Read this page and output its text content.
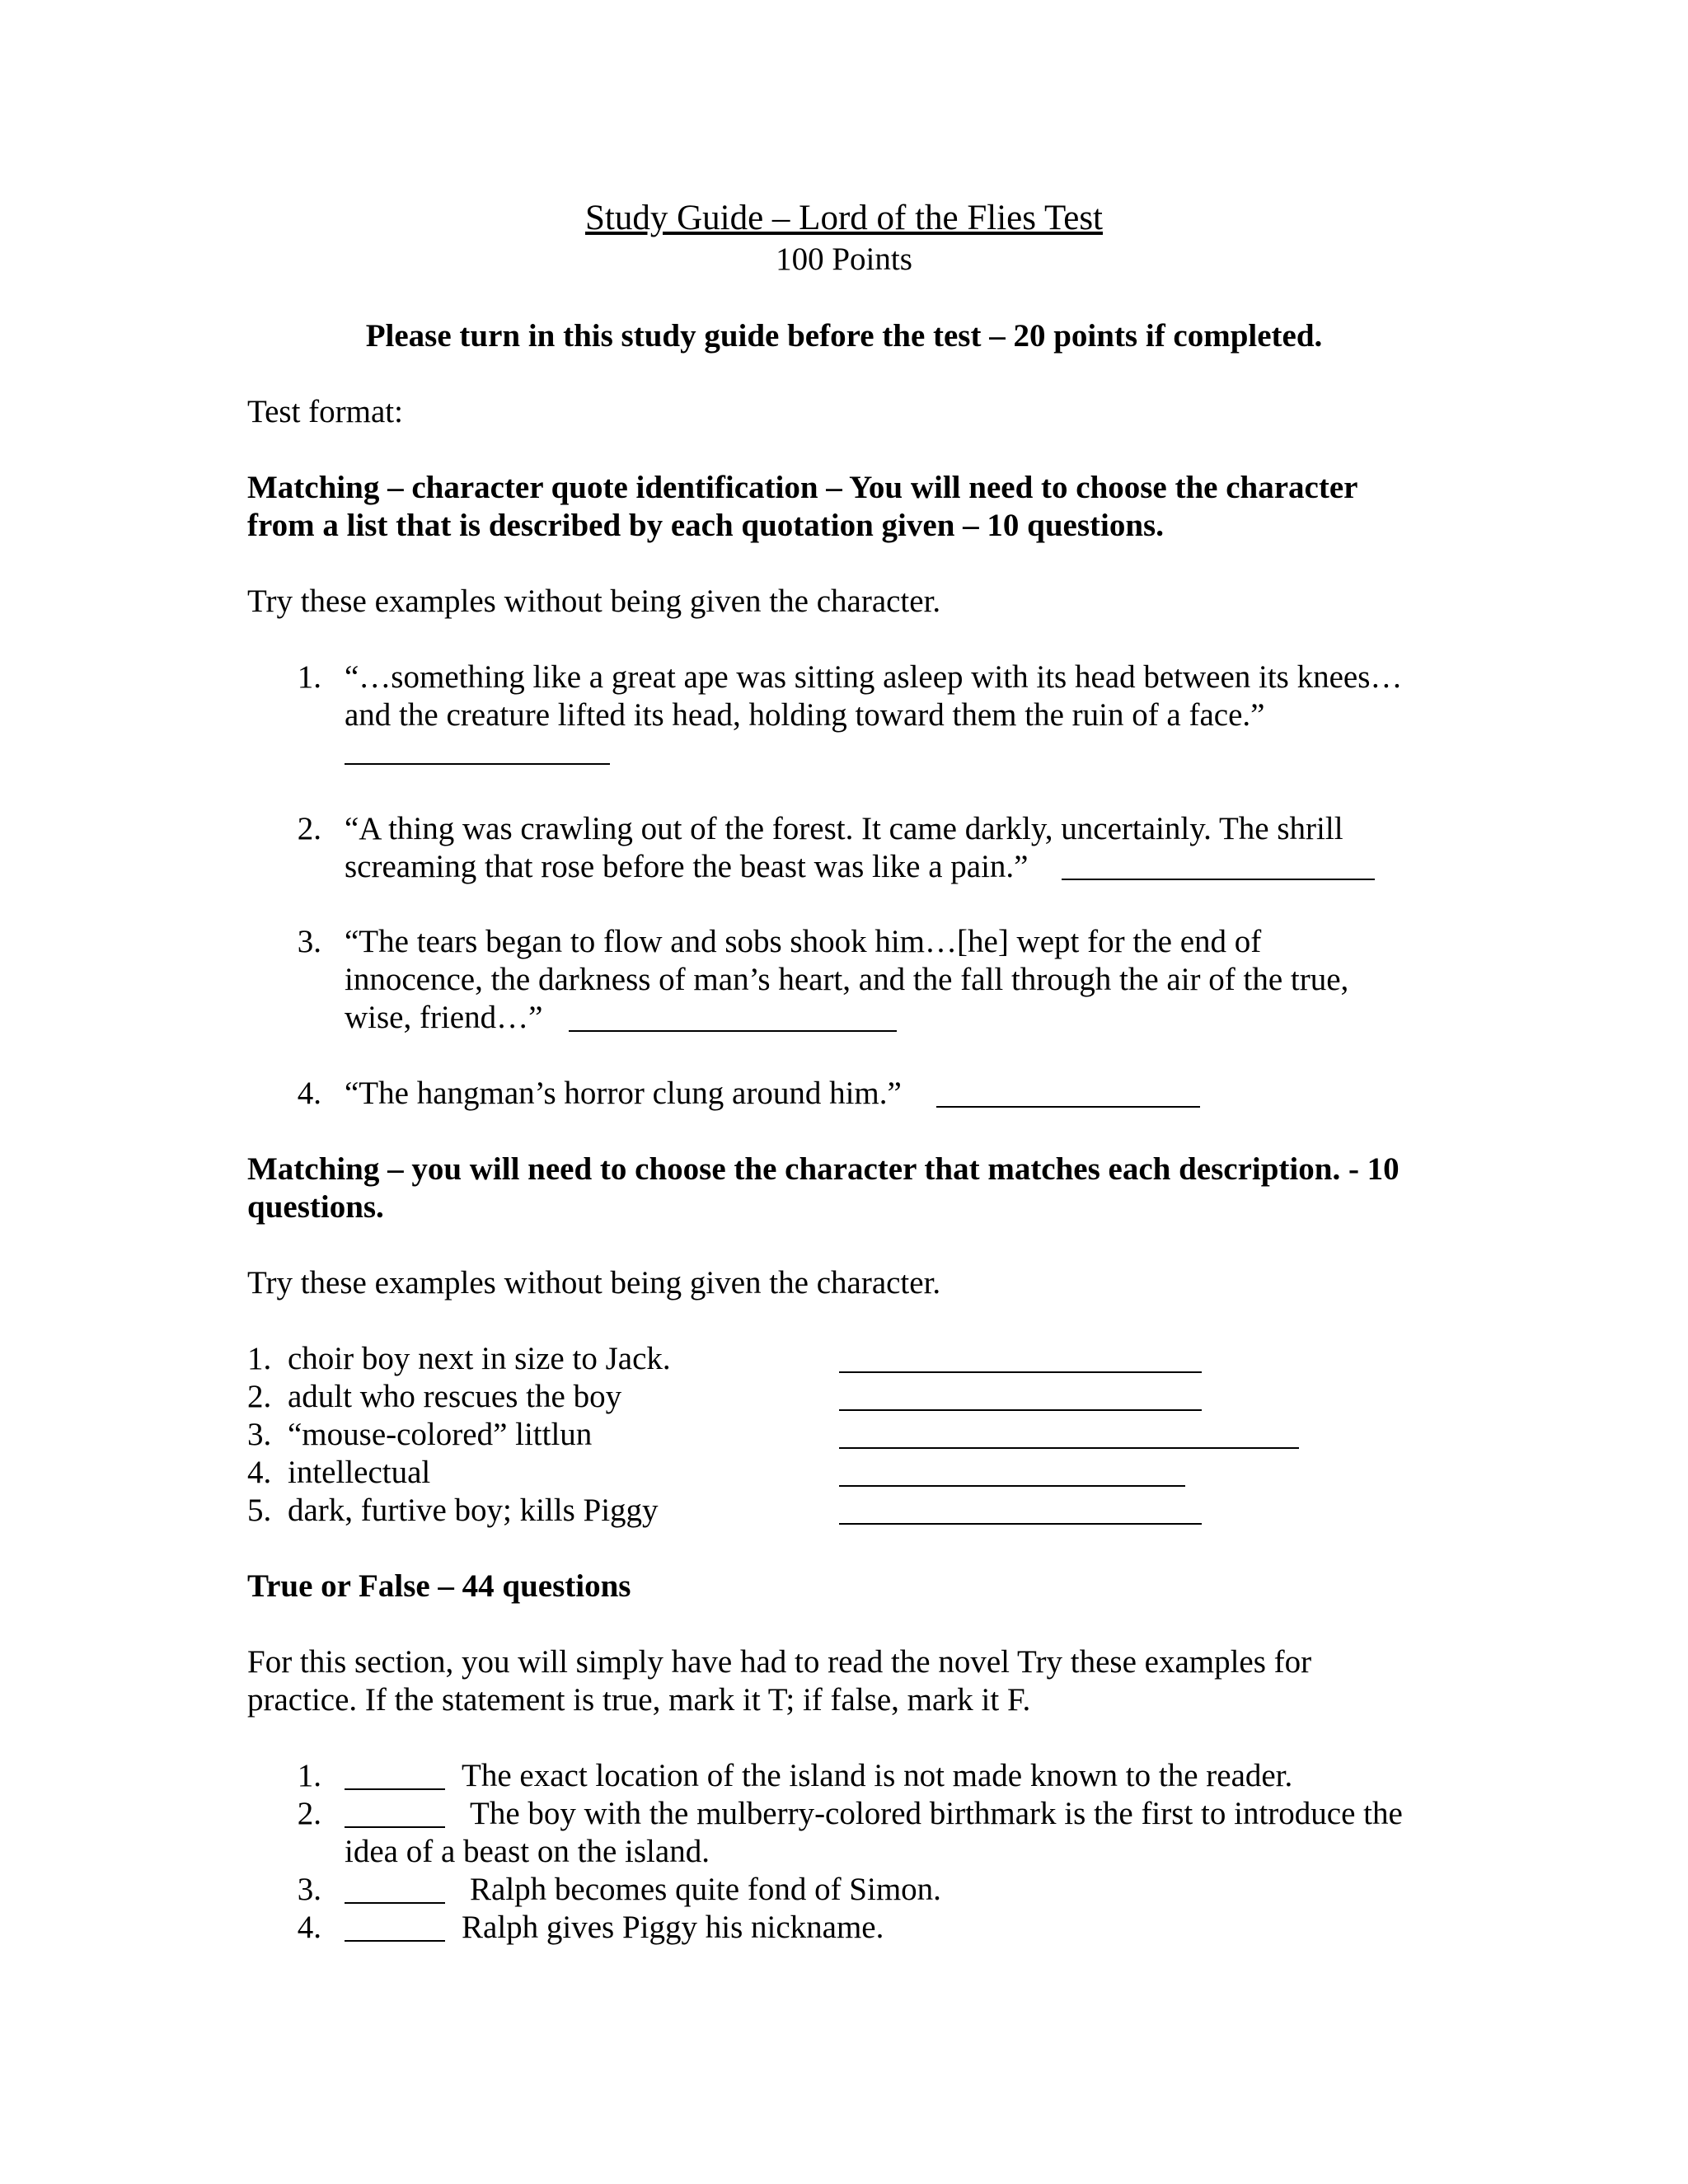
Study Guide – Lord of the Flies Test
100 Points
Please turn in this study guide before the test – 20 points if completed.
Test format:
Matching – character quote identification – You will need to choose the character
from a list that is described by each quotation given – 10 questions.
Try these examples without being given the character.
1. “…something like a great ape was sitting asleep with its head between its knees…
and the creature lifted its head, holding toward them the ruin of a face.”
2. “A thing was crawling out of the forest. It came darkly, uncertainly. The shrill
screaming that rose before the beast was like a pain.”
3. “The tears began to flow and sobs shook him…[he] wept for the end of
innocence, the darkness of man’s heart, and the fall through the air of the true,
wise, friend…”
4. “The hangman’s horror clung around him.”
Matching – you will need to choose the character that matches each description. - 10
questions.
Try these examples without being given the character.
1. choir boy next in size to Jack.
2. adult who rescues the boy
3. “mouse-colored” littlun
4. intellectual
5. dark, furtive boy; kills Piggy
True or False – 44 questions
For this section, you will simply have had to read the novel Try these examples for
practice. If the statement is true, mark it T; if false, mark it F.
1.	The exact location of the island is not made known to the reader.
2.	The boy with the mulberry-colored birthmark is the first to introduce the
idea of a beast on the island.
3.	Ralph becomes quite fond of Simon.
4.	Ralph gives Piggy his nickname.
